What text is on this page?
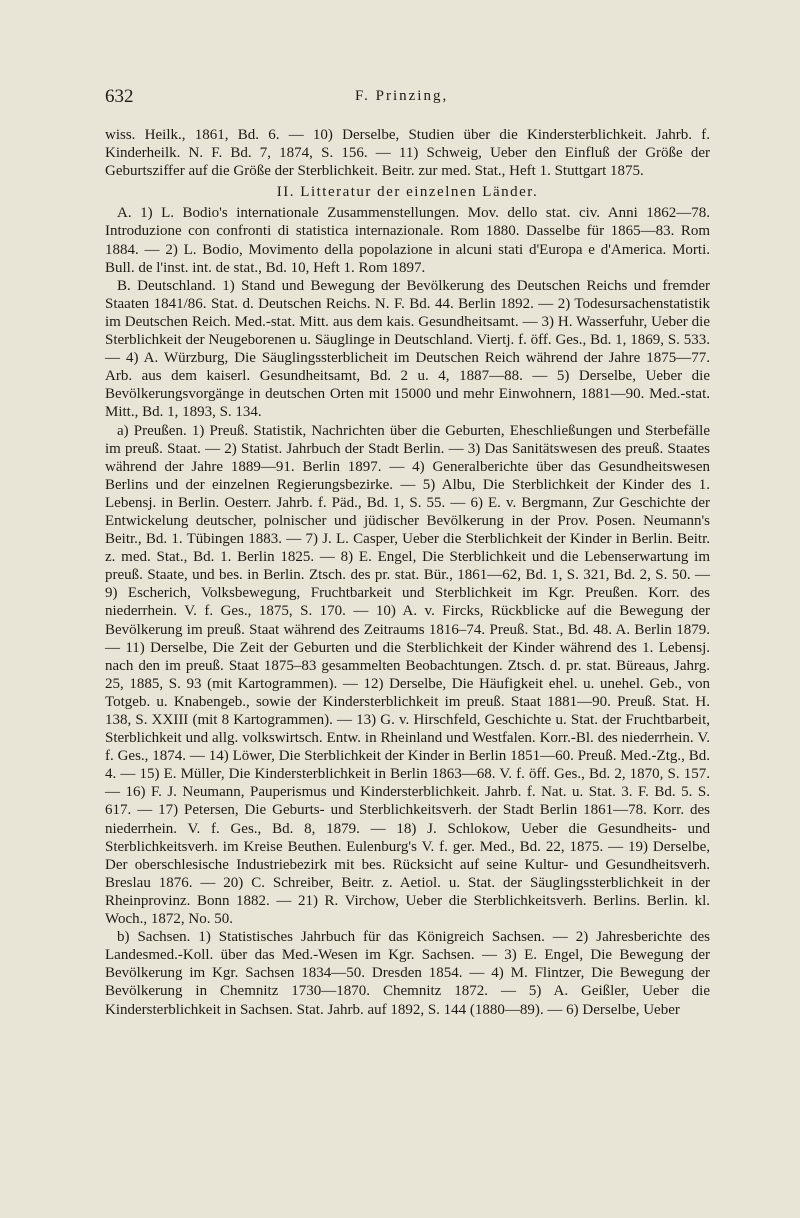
632	F. Prinzing,

wiss. Heilk., 1861, Bd. 6. — 10) Derselbe, Studien über die Kindersterblichkeit. Jahrb. f. Kinderheilk. N. F. Bd. 7, 1874, S. 156. — 11) Schweig, Ueber den Einfluß der Größe der Geburtsziffer auf die Größe der Sterblichkeit. Beitr. zur med. Stat., Heft 1. Stuttgart 1875.

II. Litteratur der einzelnen Länder.

A. 1) L. Bodio's internationale Zusammenstellungen. Mov. dello stat. civ. Anni 1862—78. Introduzione con confronti di statistica internazionale. Rom 1880. Dasselbe für 1865—83. Rom 1884. — 2) L. Bodio, Movimento della popolazione in alcuni stati d'Europa e d'America. Morti. Bull. de l'inst. int. de stat., Bd. 10, Heft 1. Rom 1897.

B. Deutschland. 1) Stand und Bewegung der Bevölkerung des Deutschen Reichs und fremder Staaten 1841/86. Stat. d. Deutschen Reichs. N. F. Bd. 44. Berlin 1892. — 2) Todesursachenstatistik im Deutschen Reich. Med.-stat. Mitt. aus dem kais. Gesundheitsamt. — 3) H. Wasserfuhr, Ueber die Sterblichkeit der Neugeborenen u. Säuglinge in Deutschland. Viertj. f. öff. Ges., Bd. 1, 1869, S. 533. — 4) A. Würzburg, Die Säuglingssterblicheit im Deutschen Reich während der Jahre 1875—77. Arb. aus dem kaiserl. Gesundheitsamt, Bd. 2 u. 4, 1887—88. — 5) Derselbe, Ueber die Bevölkerungsvorgänge in deutschen Orten mit 15000 und mehr Einwohnern, 1881—90. Med.-stat. Mitt., Bd. 1, 1893, S. 134.

a) Preußen. 1) Preuß. Statistik, Nachrichten über die Geburten, Eheschließungen und Sterbefälle im preuß. Staat. — 2) Statist. Jahrbuch der Stadt Berlin. — 3) Das Sanitätswesen des preuß. Staates während der Jahre 1889—91. Berlin 1897. — 4) Generalberichte über das Gesundheitswesen Berlins und der einzelnen Regierungsbezirke. — 5) Albu, Die Sterblichkeit der Kinder des 1. Lebensj. in Berlin. Oesterr. Jahrb. f. Päd., Bd. 1, S. 55. — 6) E. v. Bergmann, Zur Geschichte der Entwickelung deutscher, polnischer und jüdischer Bevölkerung in der Prov. Posen. Neumann's Beitr., Bd. 1. Tübingen 1883. — 7) J. L. Casper, Ueber die Sterblichkeit der Kinder in Berlin. Beitr. z. med. Stat., Bd. 1. Berlin 1825. — 8) E. Engel, Die Sterblichkeit und die Lebenserwartung im preuß. Staate, und bes. in Berlin. Ztsch. des pr. stat. Bür., 1861—62, Bd. 1, S. 321, Bd. 2, S. 50. — 9) Escherich, Volksbewegung, Fruchtbarkeit und Sterblichkeit im Kgr. Preußen. Korr. des niederrhein. V. f. Ges., 1875, S. 170. — 10) A. v. Fircks, Rückblicke auf die Bewegung der Bevölkerung im preuß. Staat während des Zeitraums 1816–74. Preuß. Stat., Bd. 48. A. Berlin 1879. — 11) Derselbe, Die Zeit der Geburten und die Sterblichkeit der Kinder während des 1. Lebensj. nach den im preuß. Staat 1875–83 gesammelten Beobachtungen. Ztsch. d. pr. stat. Büreaus, Jahrg. 25, 1885, S. 93 (mit Kartogrammen). — 12) Derselbe, Die Häufigkeit ehel. u. unehel. Geb., von Totgeb. u. Knabengeb., sowie der Kindersterblichkeit im preuß. Staat 1881—90. Preuß. Stat. H. 138, S. XXIII (mit 8 Kartogrammen). — 13) G. v. Hirschfeld, Geschichte u. Stat. der Fruchtbarbeit, Sterblichkeit und allg. volkswirtsch. Entw. in Rheinland und Westfalen. Korr.-Bl. des niederrhein. V. f. Ges., 1874. — 14) Löwer, Die Sterblichkeit der Kinder in Berlin 1851—60. Preuß. Med.-Ztg., Bd. 4. — 15) E. Müller, Die Kindersterblichkeit in Berlin 1863—68. V. f. öff. Ges., Bd. 2, 1870, S. 157. — 16) F. J. Neumann, Pauperismus und Kindersterblichkeit. Jahrb. f. Nat. u. Stat. 3. F. Bd. 5. S. 617. — 17) Petersen, Die Geburts- und Sterblichkeitsverh. der Stadt Berlin 1861—78. Korr. des niederrhein. V. f. Ges., Bd. 8, 1879. — 18) J. Schlokow, Ueber die Gesundheits- und Sterblichkeitsverh. im Kreise Beuthen. Eulenburg's V. f. ger. Med., Bd. 22, 1875. — 19) Derselbe, Der oberschlesische Industriebezirk mit bes. Rücksicht auf seine Kultur- und Gesundheitsverh. Breslau 1876. — 20) C. Schreiber, Beitr. z. Aetiol. u. Stat. der Säuglingssterblichkeit in der Rheinprovinz. Bonn 1882. — 21) R. Virchow, Ueber die Sterblichkeitsverh. Berlins. Berlin. kl. Woch., 1872, No. 50.

b) Sachsen. 1) Statistisches Jahrbuch für das Königreich Sachsen. — 2) Jahresberichte des Landesmed.-Koll. über das Med.-Wesen im Kgr. Sachsen. — 3) E. Engel, Die Bewegung der Bevölkerung im Kgr. Sachsen 1834—50. Dresden 1854. — 4) M. Flintzer, Die Bewegung der Bevölkerung in Chemnitz 1730—1870. Chemnitz 1872. — 5) A. Geißler, Ueber die Kindersterblichkeit in Sachsen. Stat. Jahrb. auf 1892, S. 144 (1880—89). — 6) Derselbe, Ueber
